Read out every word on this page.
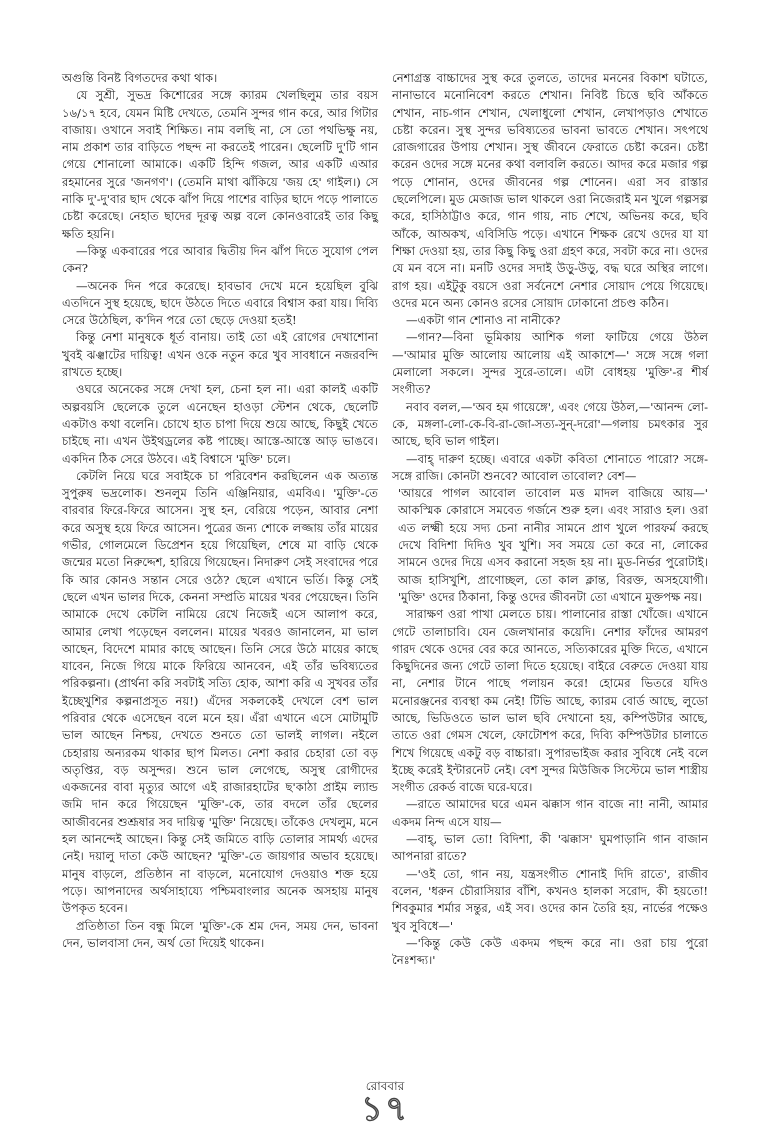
অগুন্তি বিনষ্ট বিগতদের কথা থাক।

যে সুশ্রী, সুভদ্র কিশোরের সঙ্গে ক্যারম খেলছিলুম তার বয়স ১৬/১৭ হবে, যেমন মিষ্টি দেখতে, তেমনি সুন্দর গান করে, আর গিটার বাজায়। ওখানে সবাই শিক্ষিত। নাম বলছি না, সে তো পথভিক্ষু নয়, নাম প্রকাশ তার বাড়িতে পছন্দ না করতেই পারেন। ছেলেটি দু'টি গান গেয়ে শোনালো আমাকে। একটি হিন্দি গজল, আর একটি এআর রহমানের সুরে 'জনগণ'। (তেমনি মাথা ঝাঁকিয়ে 'জয় হে' গাইল।) সে নাকি দু'-দু'বার ছাদ থেকে ঝাঁপ দিয়ে পাশের বাড়ির ছাদে পড়ে পালাতে চেষ্টা করেছে। নেহাত ছাদের দূরত্ব অল্প বলে কোনওবারেই তার কিছু ক্ষতি হয়নি।

—কিন্তু একবারের পরে আবার দ্বিতীয় দিন ঝাঁপ দিতে সুযোগ পেল কেন?

—অনেক দিন পরে করেছে। হাবভাব দেখে মনে হয়েছিল বুঝি এতদিনে সুস্থ হয়েছে, ছাদে উঠতে দিতে এবারে বিশ্বাস করা যায়। দিব্যি সেরে উঠেছিল, ক'দিন পরে তো ছেড়ে দেওয়া হতই!

কিন্তু নেশা মানুষকে ধূর্ত বানায়। তাই তো এই রোগের দেখাশোনা খুবই ঝঞ্ঝাটের দায়িত্ব! এখন ওকে নতুন করে খুব সাবধানে নজরবন্দি রাখতে হচ্ছে।

ওঘরে অনেকের সঙ্গে দেখা হল, চেনা হল না। এরা কালই একটি অল্পবয়সি ছেলেকে তুলে এনেছেন হাওড়া স্টেশন থেকে, ছেলেটি একটাও কথা বলেনি। চোখে হাত চাপা দিয়ে শুয়ে আছে, কিছুই খেতে চাইছে না। এখন উইথড্রলের কষ্ট পাচ্ছে। আস্তে-আস্তে আড় ভাঙবে। একদিন ঠিক সেরে উঠবে। এই বিশ্বাসে 'মুক্তি' চলে।

কেটলি নিয়ে ঘরে সবাইকে চা পরিবেশন করছিলেন এক অত্যন্ত সুপুরুষ ভদ্রলোক। শুনলুম তিনি এঞ্জিনিয়ার, এমবিএ। 'মুক্তি'-তে বারবার ফিরে-ফিরে আসেন। সুস্থ হন, বেরিয়ে পড়েন, আবার নেশা করে অসুস্থ হয়ে ফিরে আসেন। পুত্রের জন্য শোকে লজ্জায় তাঁর মায়ের গভীর, গোলমেলে ডিপ্রেশন হয়ে গিয়েছিল, শেষে মা বাড়ি থেকে জন্মের মতো নিরুদ্দেশ, হারিয়ে গিয়েছেন। নিদারুণ সেই সংবাদের পরে কি আর কোনও সন্তান সেরে ওঠে? ছেলে এখানে ভর্তি। কিন্তু সেই ছেলে এখন ভালর দিকে, কেননা সম্প্রতি মায়ের খবর পেয়েছেন। তিনি আমাকে দেখে কেটলি নামিয়ে রেখে নিজেই এসে আলাপ করে, আমার লেখা পড়েছেন বললেন। মায়ের খবরও জানালেন, মা ভাল আছেন, বিদেশে মামার কাছে আছেন। তিনি সেরে উঠে মায়ের কাছে যাবেন, নিজে গিয়ে মাকে ফিরিয়ে আনবেন, এই তাঁর ভবিষ্যতের পরিকল্পনা। (প্রার্থনা করি সবটাই সত্যি হোক, আশা করি এ সুখবর তাঁর ইচ্ছেখুশির কল্পনাপ্রসূত নয়!) এঁদের সকলকেই দেখলে বেশ ভাল পরিবার থেকে এসেছেন বলে মনে হয়। এঁরা এখানে এসে মোটামুটি ভাল আছেন নিশ্চয়, দেখতে শুনতে তো ভালই লাগল। নইলে চেহারায় অন্যরকম থাকার ছাপ মিলত। নেশা করার চেহারা তো বড় অতৃপ্তির, বড় অসুন্দর। শুনে ভাল লেগেছে, অসুস্থ রোগীদের একজনের বাবা মৃত্যুর আগে এই রাজারহাটের ছ'কাঠা প্রাইম ল্যান্ড জমি দান করে গিয়েছেন 'মুক্তি'-কে, তার বদলে তাঁর ছেলের আজীবনের শুশ্রূষার সব দায়িত্ব 'মুক্তি' নিয়েছে। তাঁকেও দেখলুম, মনে হল আনন্দেই আছেন। কিন্তু সেই জমিতে বাড়ি তোলার সামর্থ্য এদের নেই। দয়ালু দাতা কেউ আছেন? 'মুক্তি'-তে জায়গার অভাব হয়েছে। মানুষ বাড়লে, প্রতিষ্ঠান না বাড়লে, মনোযোগ দেওয়াও শক্ত হয়ে পড়ে। আপনাদের অর্থসাহায্যে পশ্চিমবাংলার অনেক অসহায় মানুষ উপকৃত হবেন।

প্রতিষ্ঠাতা তিন বন্ধু মিলে 'মুক্তি'-কে শ্রম দেন, সময় দেন, ভাবনা দেন, ভালবাসা দেন, অর্থ তো দিয়েই থাকেন।

নেশাগ্রস্ত বাচ্চাদের সুস্থ করে তুলতে, তাদের মননের বিকাশ ঘটাতে, নানাভাবে মনোনিবেশ করতে শেখান। নিবিষ্ট চিত্তে ছবি আঁকতে শেখান, নাচ-গান শেখান, খেলাধুলো শেখান, লেখাপড়াও শেখাতে চেষ্টা করেন। সুস্থ সুন্দর ভবিষ্যতের ভাবনা ভাবতে শেখান। সৎপথে রোজগারের উপায় শেখান। সুস্থ জীবনে ফেরাতে চেষ্টা করেন। চেষ্টা করেন ওদের সঙ্গে মনের কথা বলাবলি করতে। আদর করে মজার গল্প পড়ে শোনান, ওদের জীবনের গল্প শোনেন। এরা সব রাস্তার ছেলেপিলে। মুড মেজাজ ভাল থাকলে ওরা নিজেরাই মন খুলে গল্পসল্প করে, হাসিঠাট্টাও করে, গান গায়, নাচ শেখে, অভিনয় করে, ছবি আঁকে, আঅকখ, এবিসিডি পড়ে। এখানে শিক্ষক রেখে ওদের যা যা শিক্ষা দেওয়া হয়, তার কিছু কিছু ওরা গ্রহণ করে, সবটা করে না। ওদের যে মন বসে না। মনটি ওদের সদাই উড়ু-উড়ু, বদ্ধ ঘরে অস্থির লাগে। রাগ হয়। এইটুকু বয়সে ওরা সর্বনেশে নেশার সোয়াদ পেয়ে গিয়েছে। ওদের মনে অন্য কোনও রসের সোয়াদ ঢোকানো প্রচণ্ড কঠিন।

—একটা গান শোনাও না নানীকে?

—গান?—বিনা ভূমিকায় আশিক গলা ফাটিয়ে গেয়ে উঠল—'আমার মুক্তি আলোয় আলোয় এই আকাশে—' সঙ্গে সঙ্গে গলা মেলালো সকলে। সুন্দর সুরে-তালে। এটা বোধহয় 'মুক্তি'-র শীর্ষ সংগীত?

নবাব বলল,—'অব হম গায়েঙ্গে', এবং গেয়ে উঠল,—'আনন্দ লো-কে, মঙ্গলা-লো-কে-বি-রা-জো-সত্য-সুন্-দরো'—গলায় চমৎকার সুর আছে, ছবি ভাল গাইল।

—বাহ্ দারুণ হচ্ছে। এবারে একটা কবিতা শোনাতে পারো? সঙ্গে-সঙ্গে রাজি। কোনটা শুনবে? আবোল তাবোল? বেশ—

'আয়রে পাগল আবোল তাবোল মত্ত মাদল বাজিয়ে আয়—' আকস্মিক কোরাসে সমবেত গর্জনে শুরু হল। এবং সারাও হল। ওরা এত লক্ষ্মী হয়ে সদ্য চেনা নানীর সামনে প্রাণ খুলে পারফর্ম করছে দেখে বিদিশা দিদিও খুব খুশি। সব সময়ে তো করে না, লোকের সামনে ওদের দিয়ে এসব করানো সহজ হয় না। মুড-নির্ভর পুরোটাই। আজ হাসিখুশি, প্রাণোচ্ছল, তো কাল ক্লান্ত, বিরক্ত, অসহযোগী। 'মুক্তি' ওদের ঠিকানা, কিন্তু ওদের জীবনটা তো এখানে মুক্তপক্ষ নয়।

সারাক্ষণ ওরা পাখা মেলতে চায়। পালানোর রাস্তা খোঁজে। এখানে গেটে তালাচাবি। যেন জেলখানার কয়েদি। নেশার ফাঁদের আমরণ গারদ থেকে ওদের বের করে আনতে, সত্যিকারের মুক্তি দিতে, এখানে কিছুদিনের জন্য গেটে তালা দিতে হয়েছে। বাইরে বেরুতে দেওয়া যায় না, নেশার টানে পাছে পলায়ন করে! হোমের ভিতরে যদিও মনোরঞ্জনের ব্যবস্থা কম নেই! টিভি আছে, ক্যারম বোর্ড আছে, লুডো আছে, ভিডিওতে ভাল ভাল ছবি দেখানো হয়, কম্পিউটার আছে, তাতে ওরা গেমস খেলে, ফোটোশপ করে, দিব্যি কম্পিউটার চালাতে শিখে গিয়েছে একটু বড় বাচ্চারা। সুপারভাইজ করার সুবিধে নেই বলে ইচ্ছে করেই ইন্টারনেট নেই। বেশ সুন্দর মিউজিক সিস্টেমে ভাল শাস্ত্রীয় সংগীত রেকর্ড বাজে ঘরে-ঘরে।

—রাতে আমাদের ঘরে এমন ঝক্কাস গান বাজে না! নানী, আমার একদম নিন্দ এসে যায়—

—বাহ্, ভাল তো! বিদিশা, কী 'ঝক্কাস' ঘুমপাড়ানি গান বাজান আপনারা রাতে?

—'ওই তো, গান নয়, যন্ত্রসংগীত শোনাই দিদি রাতে', রাজীব বলেন, 'ধরুন চৌরাসিয়ার বাঁশি, কখনও হালকা সরোদ, কী হয়তো! শিবকুমার শর্মার সন্তুর, এই সব। ওদের কান তৈরি হয়, নার্ভের পক্ষেও খুব সুবিধে—'

—'কিন্তু কেউ কেউ একদম পছন্দ করে না। ওরা চায় পুরো নৈঃশব্দ্য।'

রোববার
১৭
